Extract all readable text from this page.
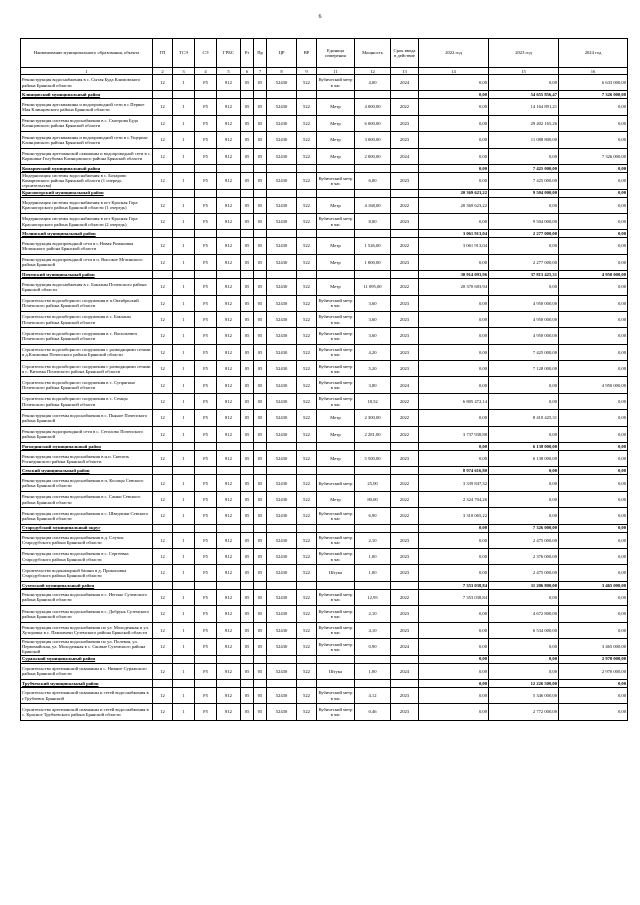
6
Наименование муниципального образования, объекта	ГП	ТСЭ	СЭ	ГРБС	Рз	Пр	ЦР	ВР	Единица измерения	Мощность	Срок ввода в действие	2022 год	2023 год	2024 год
1	2	3	4	5	6	7	8	9	11	12	13	14	15	16
Реконструкция водоснабжения в с. Сытая Буда Климовского района Брянской области	12	1	F5	812	05	05	52430	522	Кубический метр в час	4,00	2024	0,00	0,00	6 633 000,00
Клинцовский муниципальный район												0,00	54 655 856,47	7 326 000,00
Реконструкция артскважины и водопроводной сети в с.Первое Мая Клинцовского района Брянской области	12	1	F5	812	05	05	52430	522	Метр	4 000,00	2022	0,00	14 164 891,21	0,00
Реконструкция системы водоснабжения в с. Смотрова Буда Клинцовского района Брянской области	12	1	F5	812	05	05	52430	522	Метр	6 000,00	2023	0,00	29 402 165,26	0,00
Реконструкция артскважины и водопроводной сети в с.Ущерпье Клинцовского района Брянской области	12	1	F5	812	05	05	52430	522	Метр	3 000,00	2023	0,00	11 088 800,00	0,00
Реконструкция артезианской скважины и водопроводной сети в с. Коржовка-Голубовка Клинцовского района Брянской области	12	1	F5	812	05	05	52430	522	Метр	2 000,00	2024	0,00	0,00	7 326 000,00
Комаричский муниципальный район												0,00	7 425 000,00	0,00
Модернизация системы водоснабжения в с. Бочарово Комаричского района Брянской области (1 очередь строительства)	12	1	F5	812	05	05	52430	522	Кубический метр в час	6,00	2023	0,00	7 425 000,00	0,00
Красногорский муниципальный район												20 369 623,22	9 504 000,00	0,00
Модернизация системы водоснабжения в пгт Красная Гора Красногорского района Брянской области (1 очередь)	12	1	F5	812	05	05	52430	522	Метр	4 168,00	2022	20 369 623,22	0,00	0,00
Модернизация системы водоснабжения в пгт Красная Гора Красногорского района Брянской области (2 очередь)	12	1	F5	812	05	05	52430	522	Кубический метр в час	8,00	2023	0,00	9 504 000,00	0,00
Мглинский муниципальный район												3 061 913,04	2 277 000,00	0,00
Реконструкция водопроводной сети в с.Новая Романовка Мглинского района Брянской области	12	1	F5	812	05	05	52430	522	Метр	1 526,00	2022	3 061 913,04	0,00	0,00
Реконструкция водопроводной сети в п. Высокое Мглинского района Брянской	12	1	F5	812	05	05	52430	522	Метр	1 800,00	2023	0,00	2 277 000,00	0,00
Почепский муниципальный район												30 914 093,96	37 813 425,31	4 950 000,00
Реконструкция водоснабжения в с. Бакланы Почепского района Брянской области	12	1	F5	812	05	05	52430	522	Метр	11 095,00	2022	20 370 683,94	0,00	0,00
Строительство водозаборного сооружения в п.Октябрьский Почепского района Брянской области	12	1	F5	812	05	05	52430	522	Кубический метр в час	3,60	2023	0,00	4 950 000,00	0,00
Строительство водозаборного сооружения в с. Бакланы Почепского района Брянской области	12	1	F5	812	05	05	52430	522	Кубический метр в час	3,60	2023	0,00	4 950 000,00	0,00
Строительство водозаборного сооружения в с. Васильевич Почепского района Брянской области	12	1	F5	812	05	05	52430	522	Кубический метр в час	3,60	2023	0,00	4 950 000,00	0,00
Строительство водозаборного сооружения с разводящими сетями в д.Климовка Почепского района Брянской области	12	1	F5	812	05	05	52430	522	Кубический метр в час	4,20	2023	0,00	7 425 000,00	0,00
Строительство водозаборного сооружения с разводящими сетями в с. Витовка Почепского района Брянской области	12	1	F5	812	05	05	52430	522	Кубический метр в час	5,20	2023	0,00	7 128 000,00	0,00
Строительство водозаборного сооружения в с. Супрягино Почепского района Брянской области	12	1	F5	812	05	05	52430	522	Кубический метр в час	3,80	2024	0,00	0,00	4 950 000,00
Строительство водозаборного сооружения в с. Семцы Почепского района Брянской области	12	1	F5	812	05	05	52430	522	Кубический метр в час	18,52	2022	6 805 472,14	0,00	0,00
Реконструкция системы водоснабжения в с. Пьяное Почепского района Брянской	12	1	F5	812	05	05	52430	522	Метр	2 300,00	2022	0,00	8 410 425,31	0,00
Реконструкция водопроводной сети в с. Сетолово Почепского района Брянской	12	1	F5	812	05	05	52430	522	Метр	2 281,00	2022	3 737 938,88	0,00	0,00
Рогнединский муниципальный район												0,00	6 138 000,00	0,00
Реконструкция системы водоснабжения в н.п. Снепоть Рогнединского района Брянской области	12	1	F5	812	05	05	52430	522	Метр	5 500,00	2023	0,00	6 138 000,00	0,00
Севский муниципальный район												8 974 616,80	0,00	0,00
Реконструкция системы водоснабжения в п. Косицы Севского района Брянской области	12	1	F5	812	05	05	52430	522	Кубический метр	25,00	2022	3 339 847,32	0,00	0,00
Реконструкция системы водоснабжения в с. Самки Севского района Брянской области	12	1	F5	812	05	05	52430	522	Метр	80,00	2022	2 324 704,26	0,00	0,00
Реконструкция системы водоснабжения в с. Шведчики Севского района Брянской области	12	1	F5	812	05	05	52430	522	Кубический метр в час	6,90	2022	3 310 065,22	0,00	0,00
Стародубский муниципальный округ												0,00	7 326 000,00	0,00
Реконструкция системы водоснабжения в д. Случок Стародубского района Брянской области	12	1	F5	812	05	05	52430	522	Кубический метр в час	2,10	2023	0,00	2 475 000,00	0,00
Реконструкция системы водоснабжения в с. Сергеевка Стародубского района Брянской области	12	1	F5	812	05	05	52430	522	Кубический метр в час	1,00	2023	0,00	2 376 000,00	0,00
Строительство водонапорной башни в д. Прокоповка Стародубского района Брянской области	12	1	F5	812	05	05	52430	522	Штука	1,00	2023	0,00	2 475 000,00	0,00
Суземский муниципальный район												7 353 038,84	11 206 800,00	3 465 000,00
Реконструкция системы водоснабжения в с. Негино Суземского района Брянской области	12	1	F5	812	05	05	52430	522	Кубический метр в час	12,95	2022	7 353 038,84	0,00	0,00
Реконструкция системы водоснабжения в с. Добрунь Суземского района Брянской области	12	1	F5	812	05	05	52430	522	Кубический метр в час	2,10	2023	0,00	4 672 800,00	0,00
Реконструкция системы водоснабжения по ул. Молодежная и ул. Хуторовка в с. Павловичи Суземского района Брянской области	12	1	F5	812	05	05	52430	522	Кубический метр в час	4,10	2023	0,00	6 534 000,00	0,00
Реконструкция системы водоснабжения по ул. Полевая, ул. Первомайская, ул. Молодежная в с. Сковые Суземского района Брянской	12	1	F5	812	05	05	52430	522	Кубический метр в час	0,90	2024	0,00	0,00	3 465 000,00
Суражский муниципальный район												0,00	0,00	2 970 000,00
Строительство артезианской скважины в с. Нивное Суражского района Брянской области	12	1	F5	812	05	05	52430	522	Штука	1,00	2024	0,00	0,00	2 970 000,00
Трубчевский муниципальный район												0,00	12 226 500,00	0,00
Строительство артезианской скважины и сетей водоснабжения в г.Трубчевск Брянской	12	1	F5	812	05	05	52430	522	Кубический метр в час	4,12	2023	0,00	5 346 000,00	0,00
Строительство артезианской скважины и сетей водоснабжения в с. Красное Трубчевского района Брянской области	12	1	F5	812	05	05	52430	522	Кубический метр в час	0,46	2023	0,00	2 772 000,00	0,00
